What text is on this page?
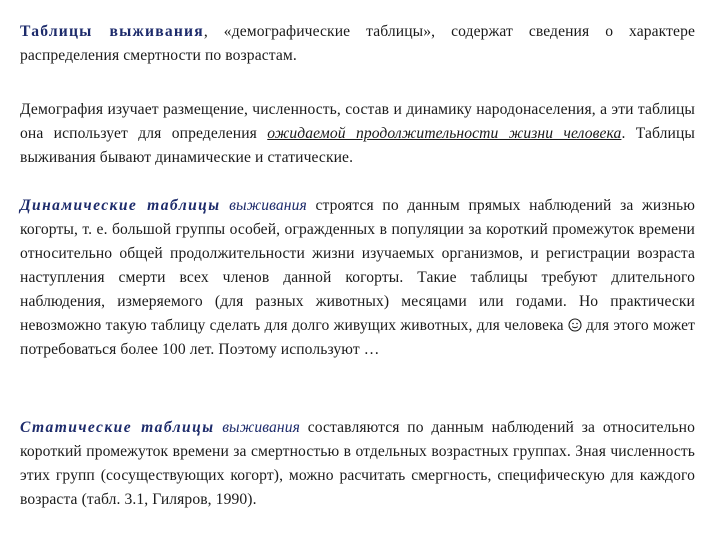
Таблицы выживания, «демографические таблицы», содержат сведения о характере распределения смертности по возрастам.

Демография изучает размещение, численность, состав и динамику народонаселения, а эти таблицы она использует для определения ожидаемой продолжительности жизни человека. Таблицы выживания бывают динамические и статические.

Динамические таблицы выживания строятся по данным прямых наблюдений за жизнью когорты, т. е. большой группы особей, огражденных в популяции за короткий промежуток времени относительно общей продолжительности жизни изучаемых организмов, и регистрации возраста наступления смерти всех членов данной когорты. Такие таблицы требуют длительного наблюдения, измеряемого (для разных животных) месяцами или годами. Но практически невозможно такую таблицу сделать для долго живущих животных, для человека  для этого может потребоваться более 100 лет. Поэтому используют …

Статические таблицы выживания составляются по данным наблюдений за относительно короткий промежуток времени за смертностью в отдельных возрастных группах. Зная численность этих групп (сосуществующих когорт), можно расчитать смергность, специфическую для каждого возраста (табл. 3.1, Гиляров, 1990).
